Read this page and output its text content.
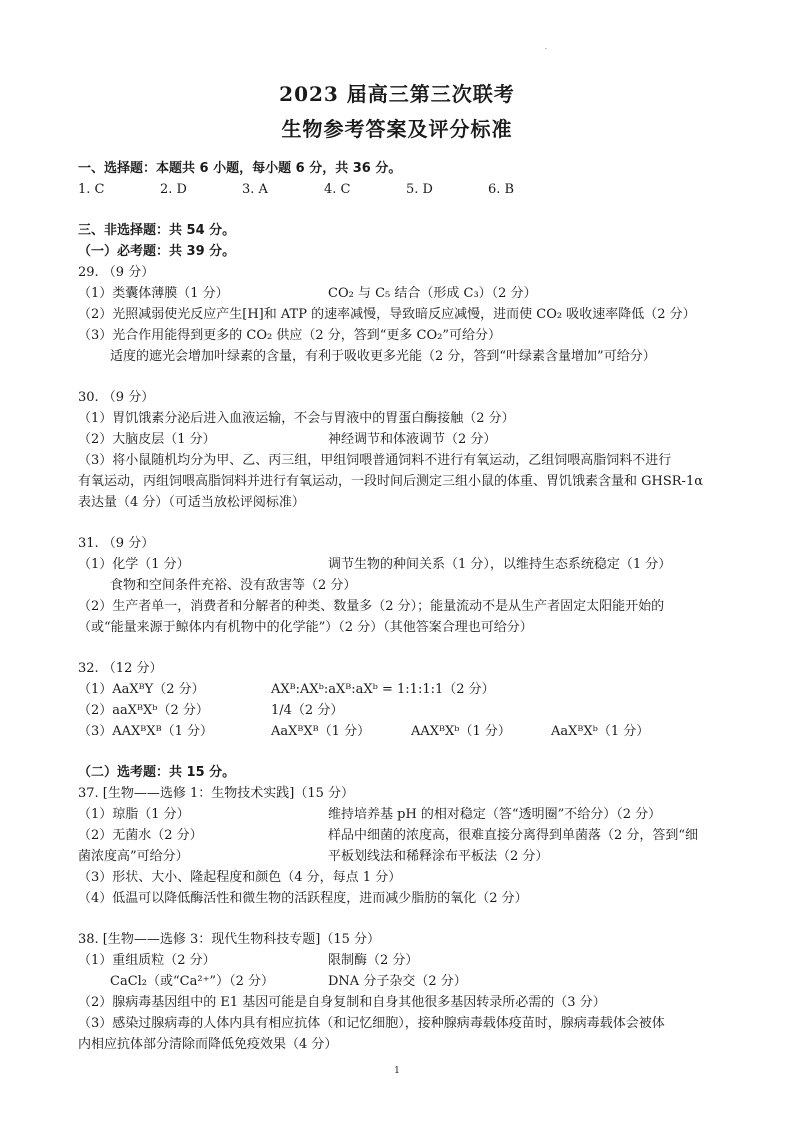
.
2023 届高三第三次联考
生物参考答案及评分标准
一、选择题：本题共 6 小题，每小题 6 分，共 36 分。
1. C	2. D	3. A	4. C	5. D	6. B
三、非选择题：共 54 分。
（一）必考题：共 39 分。
29. （9 分）
（1）类囊体薄膜（1 分）	CO₂ 与 C₅ 结合（形成 C₃）（2 分）
（2）光照减弱使光反应产生[H]和 ATP 的速率减慢，导致暗反应减慢，进而使 CO₂ 吸收速率降低（2 分）
（3）光合作用能得到更多的 CO₂ 供应（2 分，答到“更多 CO₂”可给分）
适度的遮光会增加叶绿素的含量，有利于吸收更多光能（2 分，答到“叶绿素含量增加”可给分）
30. （9 分）
（1）胃饥饿素分泌后进入血液运输，不会与胃液中的胃蛋白酶接触（2 分）
（2）大脑皮层（1 分）	神经调节和体液调节（2 分）
（3）将小鼠随机均分为甲、乙、丙三组，甲组饲喂普通饲料不进行有氧运动，乙组饲喂高脂饲料不进行
有氧运动，丙组饲喂高脂饲料并进行有氧运动，一段时间后测定三组小鼠的体重、胃饥饿素含量和 GHSR-1α
表达量（4 分）（可适当放松评阅标准）
31. （9 分）
（1）化学（1 分）	调节生物的种间关系（1 分），以维持生态系统稳定（1 分）
食物和空间条件充裕、没有敌害等（2 分）
（2）生产者单一，消费者和分解者的种类、数量多（2 分）；能量流动不是从生产者固定太阳能开始的
（或“能量来源于鲸体内有机物中的化学能”）（2 分）（其他答案合理也可给分）
32. （12 分）
（1）AaXᴮY（2 分）	AXᴮ:AXᵇ:aXᴮ:aXᵇ = 1:1:1:1（2 分）
（2）aaXᴮXᵇ（2 分）	1/4（2 分）
（3）AAXᴮXᴮ（1 分）	AaXᴮXᴮ（1 分）	AAXᴮXᵇ（1 分）	AaXᴮXᵇ（1 分）
（二）选考题：共 15 分。
37. [生物——选修 1：生物技术实践]（15 分）
（1）琼脂（1 分）	维持培养基 pH 的相对稳定（答“透明圈”不给分）（2 分）
（2）无菌水（2 分）	样品中细菌的浓度高，很难直接分离得到单菌落（2 分，答到“细
菌浓度高”可给分）	平板划线法和稀释涂布平板法（2 分）
（3）形状、大小、隆起程度和颜色（4 分，每点 1 分）
（4）低温可以降低酶活性和微生物的活跃程度，进而减少脂肪的氧化（2 分）
38. [生物——选修 3：现代生物科技专题]（15 分）
（1）重组质粒（2 分）	限制酶（2 分）
CaCl₂（或“Ca²⁺”）（2 分）	DNA 分子杂交（2 分）
（2）腺病毒基因组中的 E1 基因可能是自身复制和自身其他很多基因转录所必需的（3 分）
（3）感染过腺病毒的人体内具有相应抗体（和记忆细胞），接种腺病毒载体疫苗时，腺病毒载体会被体
内相应抗体部分清除而降低免疫效果（4 分）
1
